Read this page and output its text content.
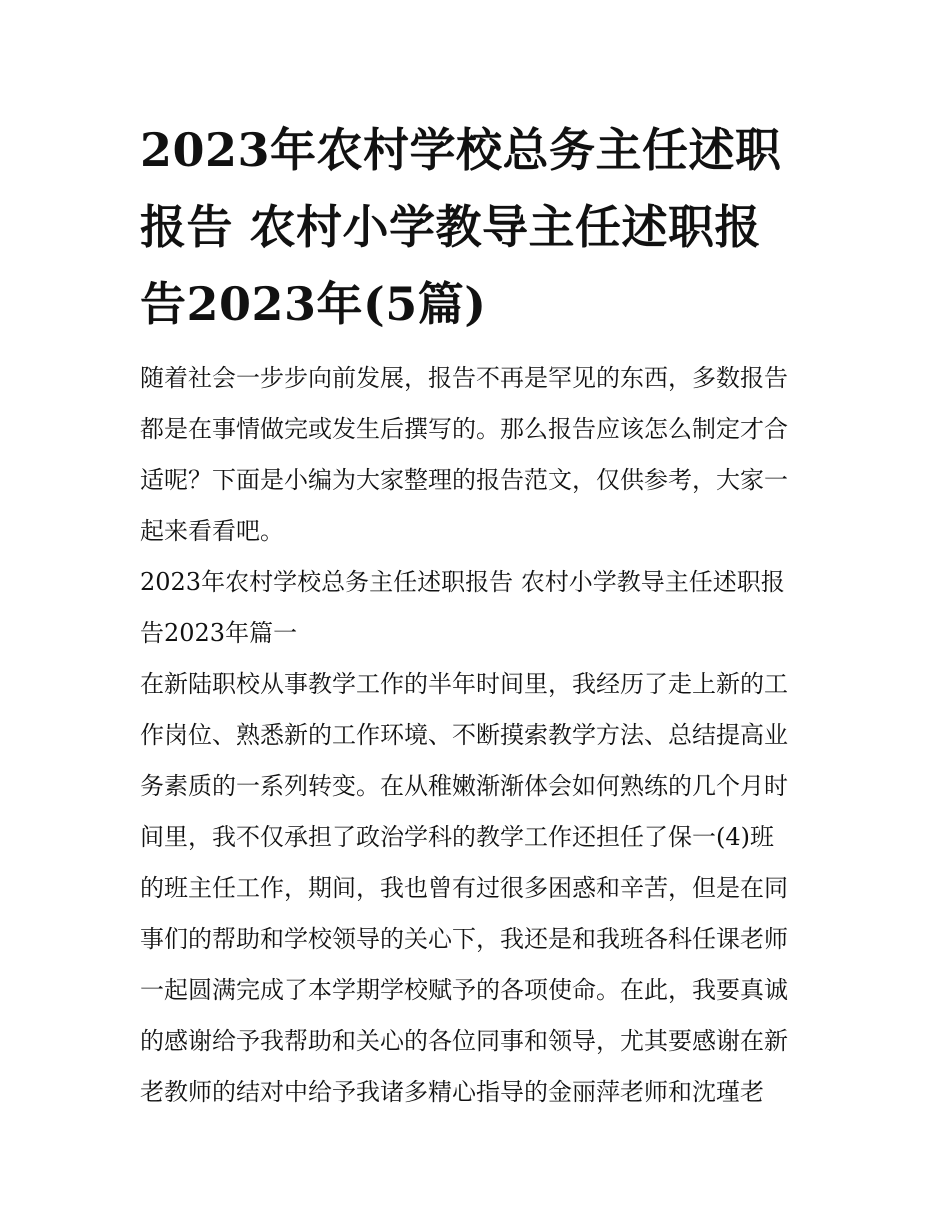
2023年农村学校总务主任述职
报告 农村小学教导主任述职报
告2023年(5篇)

随着社会一步步向前发展，报告不再是罕见的东西，多数报告
都是在事情做完或发生后撰写的。那么报告应该怎么制定才合
适呢？下面是小编为大家整理的报告范文，仅供参考，大家一
起来看看吧。

2023年农村学校总务主任述职报告 农村小学教导主任述职报
告2023年篇一

在新陆职校从事教学工作的半年时间里，我经历了走上新的工
作岗位、熟悉新的工作环境、不断摸索教学方法、总结提高业
务素质的一系列转变。在从稚嫩渐渐体会如何熟练的几个月时
间里，我不仅承担了政治学科的教学工作还担任了保一(4)班
的班主任工作，期间，我也曾有过很多困惑和辛苦，但是在同
事们的帮助和学校领导的关心下，我还是和我班各科任课老师
一起圆满完成了本学期学校赋予的各项使命。在此，我要真诚
的感谢给予我帮助和关心的各位同事和领导，尤其要感谢在新
老教师的结对中给予我诸多精心指导的金丽萍老师和沈瑾老
